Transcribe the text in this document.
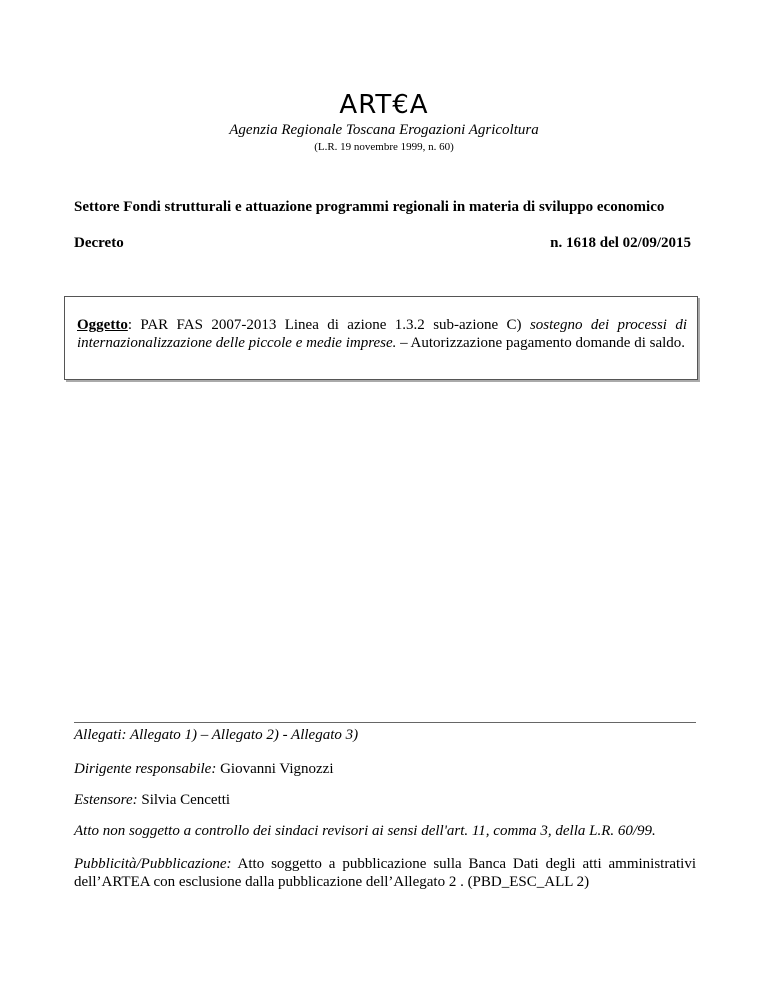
ART€A
Agenzia Regionale Toscana Erogazioni Agricoltura
(L.R. 19 novembre 1999, n. 60)
Settore Fondi strutturali e attuazione programmi regionali in materia di sviluppo economico
Decreto	n. 1618 del 02/09/2015
Oggetto: PAR FAS 2007-2013 Linea di azione 1.3.2 sub-azione C) sostegno dei processi di internazionalizzazione delle piccole e medie imprese. – Autorizzazione pagamento domande di saldo.
Allegati: Allegato 1) – Allegato 2) - Allegato 3)
Dirigente responsabile: Giovanni Vignozzi
Estensore: Silvia Cencetti
Atto non soggetto a controllo dei sindaci revisori ai sensi dell'art. 11, comma 3, della L.R. 60/99.
Pubblicità/Pubblicazione: Atto soggetto a pubblicazione sulla Banca Dati degli atti amministrativi dell’ARTEA con esclusione dalla pubblicazione dell’Allegato 2 . (PBD_ESC_ALL 2)
